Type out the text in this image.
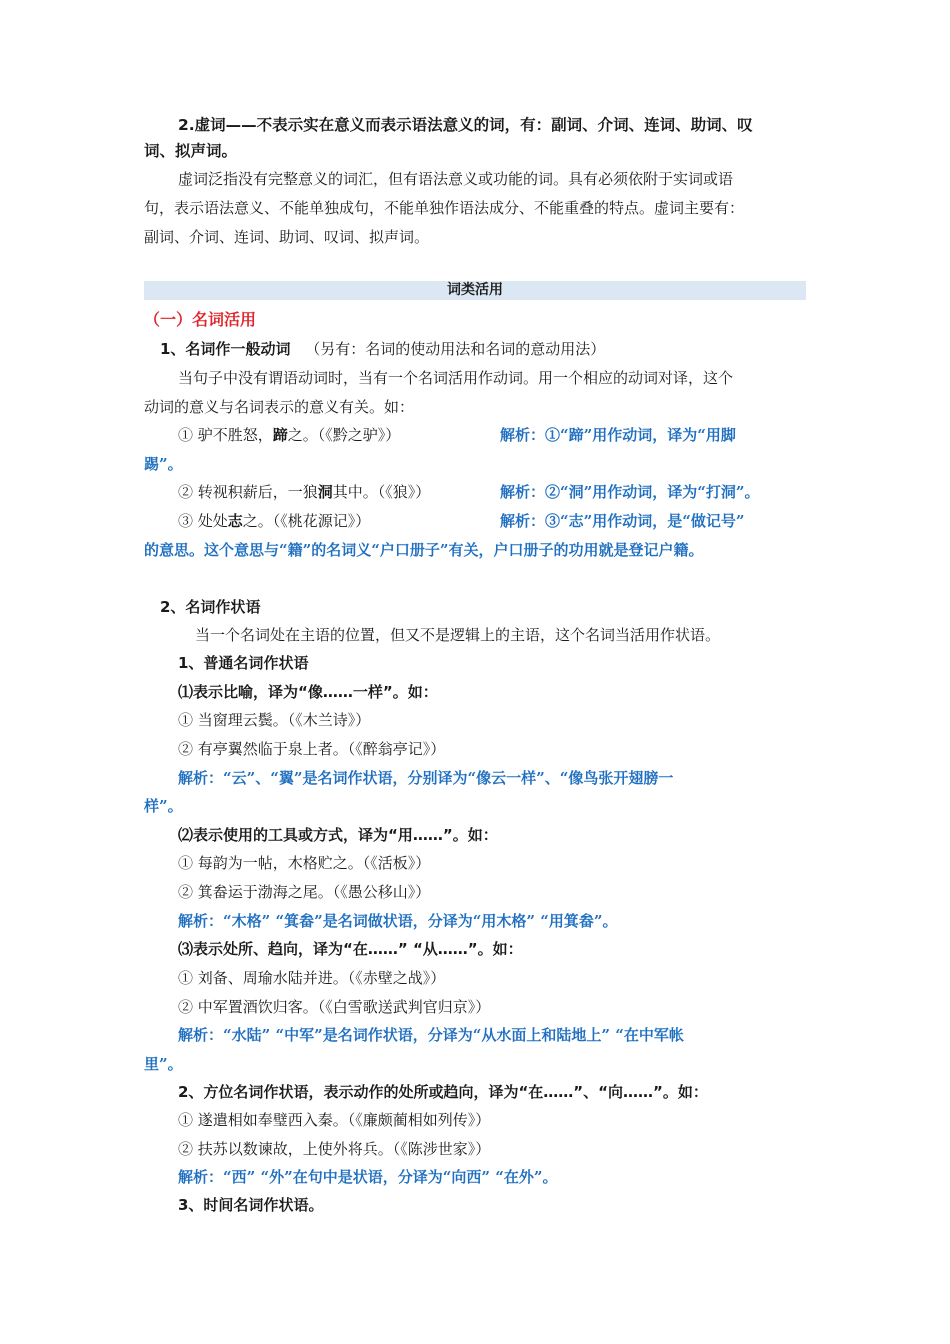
2.虚词——不表示实在意义而表示语法意义的词，有：副词、介词、连词、助词、叹
词、拟声词。
虚词泛指没有完整意义的词汇，但有语法意义或功能的词。具有必须依附于实词或语
句，表示语法意义、不能单独成句，不能单独作语法成分、不能重叠的特点。虚词主要有：
副词、介词、连词、助词、叹词、拟声词。
词类活用
（一）名词活用
1、名词作一般动词 （另有：名词的使动用法和名词的意动用法）
当句子中没有谓语动词时，当有一个名词活用作动词。用一个相应的动词对译，这个
动词的意义与名词表示的意义有关。如：
① 驴不胜怒，蹄之。（《黔之驴》）	解析：①“蹄”用作动词，译为“用脚
踢”。
② 转视积薪后，一狼洞其中。（《狼》）	解析：②“洞”用作动词，译为“打洞”。
③ 处处志之。（《桃花源记》）	解析：③“志”用作动词，是“做记号”
的意思。这个意思与“籍”的名词义“户口册子”有关，户口册子的功用就是登记户籍。
2、名词作状语
当一个名词处在主语的位置，但又不是逻辑上的主语，这个名词当活用作状语。
1、普通名词作状语
⑴表示比喻，译为“像……一样”。如：
① 当窗理云鬓。（《木兰诗》）
② 有亭翼然临于泉上者。（《醉翁亭记》）
解析：“云”、“翼”是名词作状语，分别译为“像云一样”、“像鸟张开翅膀一
样”。
⑵表示使用的工具或方式，译为“用……”。如：
① 每韵为一帖，木格贮之。（《活板》）
② 箕畚运于渤海之尾。（《愚公移山》）
解析：“木格” “箕畚”是名词做状语，分译为“用木格” “用箕畚”。
⑶表示处所、趋向，译为“在……” “从……”。如：
① 刘备、周瑜水陆并进。（《赤壁之战》）
② 中军置酒饮归客。（《白雪歌送武判官归京》）
解析：“水陆” “中军”是名词作状语，分译为“从水面上和陆地上” “在中军帐
里”。
2、方位名词作状语，表示动作的处所或趋向，译为“在……”、“向……”。如：
① 遂遣相如奉璧西入秦。（《廉颇蔺相如列传》）
② 扶苏以数谏故，上使外将兵。（《陈涉世家》）
解析：“西” “外”在句中是状语，分译为“向西” “在外”。
3、时间名词作状语。
